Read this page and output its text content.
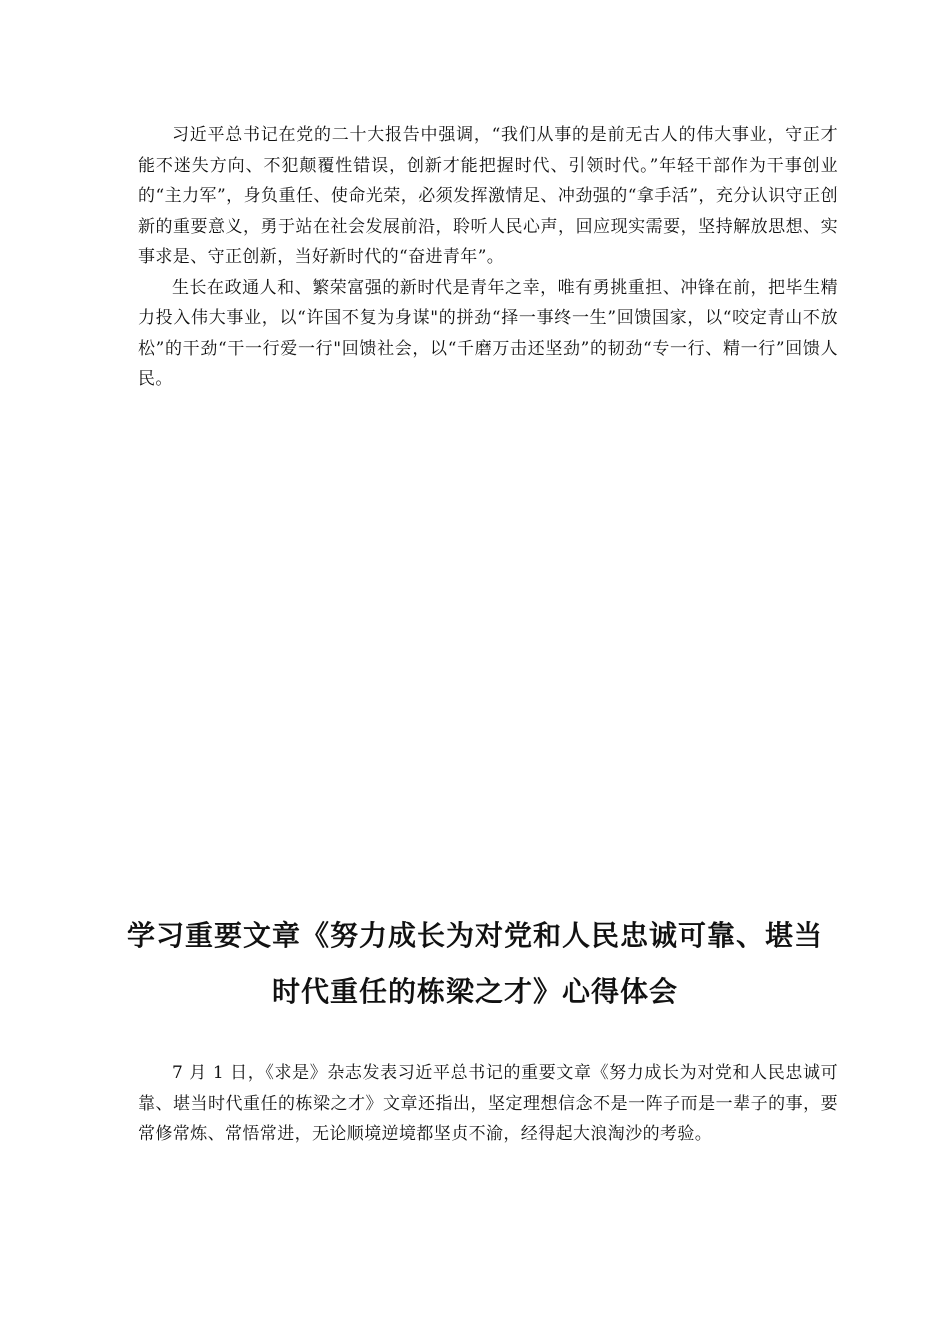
习近平总书记在党的二十大报告中强调，“我们从事的是前无古人的伟大事业，守正才能不迷失方向、不犯颠覆性错误，创新才能把握时代、引领时代。”年轻干部作为干事创业的“主力军”，身负重任、使命光荣，必须发挥激情足、冲劲强的“拿手活”，充分认识守正创新的重要意义，勇于站在社会发展前沿，聆听人民心声，回应现实需要，坚持解放思想、实事求是、守正创新，当好新时代的“奋进青年”。

生长在政通人和、繁荣富强的新时代是青年之幸，唯有勇挑重担、冲锋在前，把毕生精力投入伟大事业，以“许国不复为身谋"的拼劲“择一事终一生”回馈国家，以“咬定青山不放松”的干劲“干一行爱一行"回馈社会，以“千磨万击还坚劲”的韧劲“专一行、精一行”回馈人民。

学习重要文章《努力成长为对党和人民忠诚可靠、堪当
时代重任的栋梁之才》心得体会

7 月 1 日，《求是》杂志发表习近平总书记的重要文章《努力成长为对党和人民忠诚可靠、堪当时代重任的栋梁之才》文章还指出，坚定理想信念不是一阵子而是一辈子的事，要常修常炼、常悟常进，无论顺境逆境都坚贞不渝，经得起大浪淘沙的考验。
